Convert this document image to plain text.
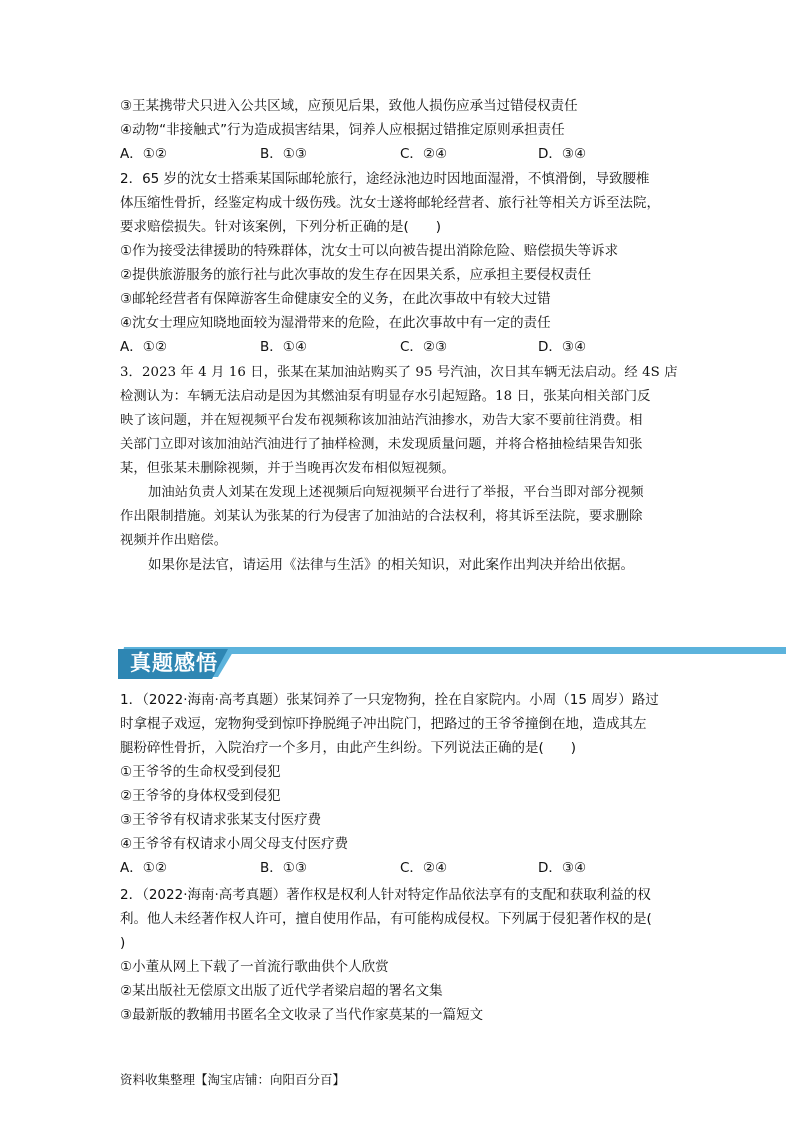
③王某携带犬只进入公共区域，应预见后果，致他人损伤应承当过错侵权责任
④动物“非接触式”行为造成损害结果，饲养人应根据过错推定原则承担责任
A．①②	B．①③	C．②④	D．③④
2．65 岁的沈女士搭乘某国际邮轮旅行，途经泳池边时因地面湿滑，不慎滑倒，导致腰椎
体压缩性骨折，经鉴定构成十级伤残。沈女士遂将邮轮经营者、旅行社等相关方诉至法院，
要求赔偿损失。针对该案例，下列分析正确的是(　　)
①作为接受法律援助的特殊群体，沈女士可以向被告提出消除危险、赔偿损失等诉求
②提供旅游服务的旅行社与此次事故的发生存在因果关系，应承担主要侵权责任
③邮轮经营者有保障游客生命健康安全的义务，在此次事故中有较大过错
④沈女士理应知晓地面较为湿滑带来的危险，在此次事故中有一定的责任
A．①②	B．①④	C．②③	D．③④
3．2023 年 4 月 16 日，张某在某加油站购买了 95 号汽油，次日其车辆无法启动。经 4S 店
检测认为：车辆无法启动是因为其燃油泵有明显存水引起短路。18 日，张某向相关部门反
映了该问题，并在短视频平台发布视频称该加油站汽油掺水，劝告大家不要前往消费。相
关部门立即对该加油站汽油进行了抽样检测，未发现质量问题，并将合格抽检结果告知张
某，但张某未删除视频，并于当晚再次发布相似短视频。
加油站负责人刘某在发现上述视频后向短视频平台进行了举报，平台当即对部分视频
作出限制措施。刘某认为张某的行为侵害了加油站的合法权利，将其诉至法院，要求删除
视频并作出赔偿。
如果你是法官，请运用《法律与生活》的相关知识，对此案作出判决并给出依据。
真题感悟
1．（2022·海南·高考真题）张某饲养了一只宠物狗，拴在自家院内。小周（15 周岁）路过
时拿棍子戏逗，宠物狗受到惊吓挣脱绳子冲出院门，把路过的王爷爷撞倒在地，造成其左
腿粉碎性骨折，入院治疗一个多月，由此产生纠纷。下列说法正确的是(　　)
①王爷爷的生命权受到侵犯
②王爷爷的身体权受到侵犯
③王爷爷有权请求张某支付医疗费
④王爷爷有权请求小周父母支付医疗费
A．①②	B．①③	C．②④	D．③④
2．（2022·海南·高考真题）著作权是权利人针对特定作品依法享有的支配和获取利益的权
利。他人未经著作权人许可，擅自使用作品，有可能构成侵权。下列属于侵犯著作权的是(
)
①小董从网上下载了一首流行歌曲供个人欣赏
②某出版社无偿原文出版了近代学者梁启超的署名文集
③最新版的教辅用书匿名全文收录了当代作家莫某的一篇短文
资料收集整理【淘宝店铺：向阳百分百】
